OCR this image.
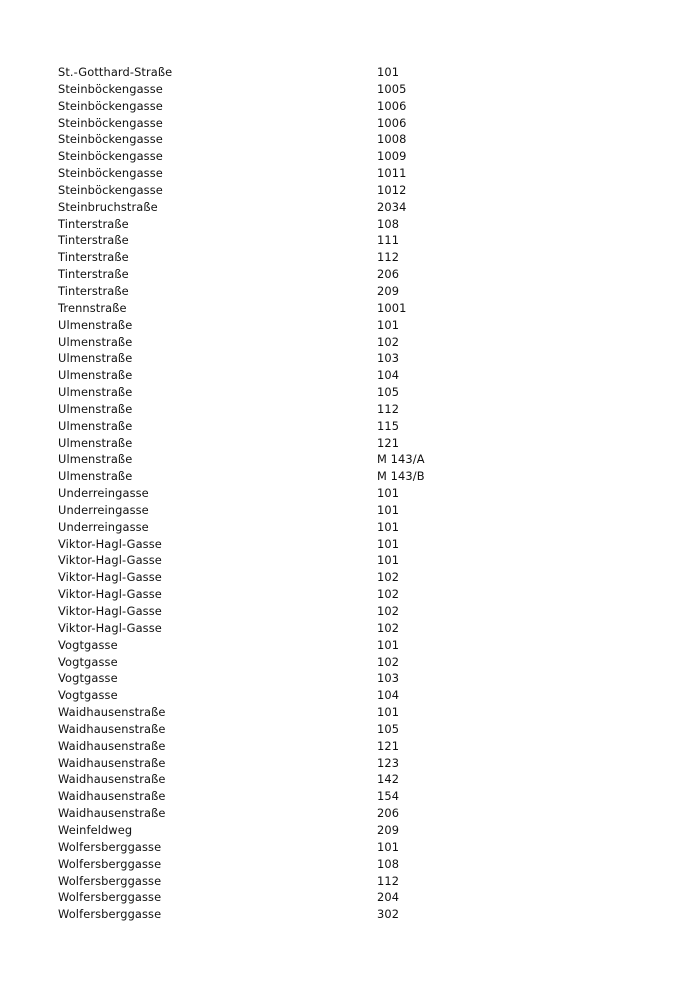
St.-Gotthard-Straße	101
Steinböckengasse	1005
Steinböckengasse	1006
Steinböckengasse	1006
Steinböckengasse	1008
Steinböckengasse	1009
Steinböckengasse	1011
Steinböckengasse	1012
Steinbruchstraße	2034
Tinterstraße	108
Tinterstraße	111
Tinterstraße	112
Tinterstraße	206
Tinterstraße	209
Trennstraße	1001
Ulmenstraße	101
Ulmenstraße	102
Ulmenstraße	103
Ulmenstraße	104
Ulmenstraße	105
Ulmenstraße	112
Ulmenstraße	115
Ulmenstraße	121
Ulmenstraße	M 143/A
Ulmenstraße	M 143/B
Underreingasse	101
Underreingasse	101
Underreingasse	101
Viktor-Hagl-Gasse	101
Viktor-Hagl-Gasse	101
Viktor-Hagl-Gasse	102
Viktor-Hagl-Gasse	102
Viktor-Hagl-Gasse	102
Viktor-Hagl-Gasse	102
Vogtgasse	101
Vogtgasse	102
Vogtgasse	103
Vogtgasse	104
Waidhausenstraße	101
Waidhausenstraße	105
Waidhausenstraße	121
Waidhausenstraße	123
Waidhausenstraße	142
Waidhausenstraße	154
Waidhausenstraße	206
Weinfeldweg	209
Wolfersberggasse	101
Wolfersberggasse	108
Wolfersberggasse	112
Wolfersberggasse	204
Wolfersberggasse	302
